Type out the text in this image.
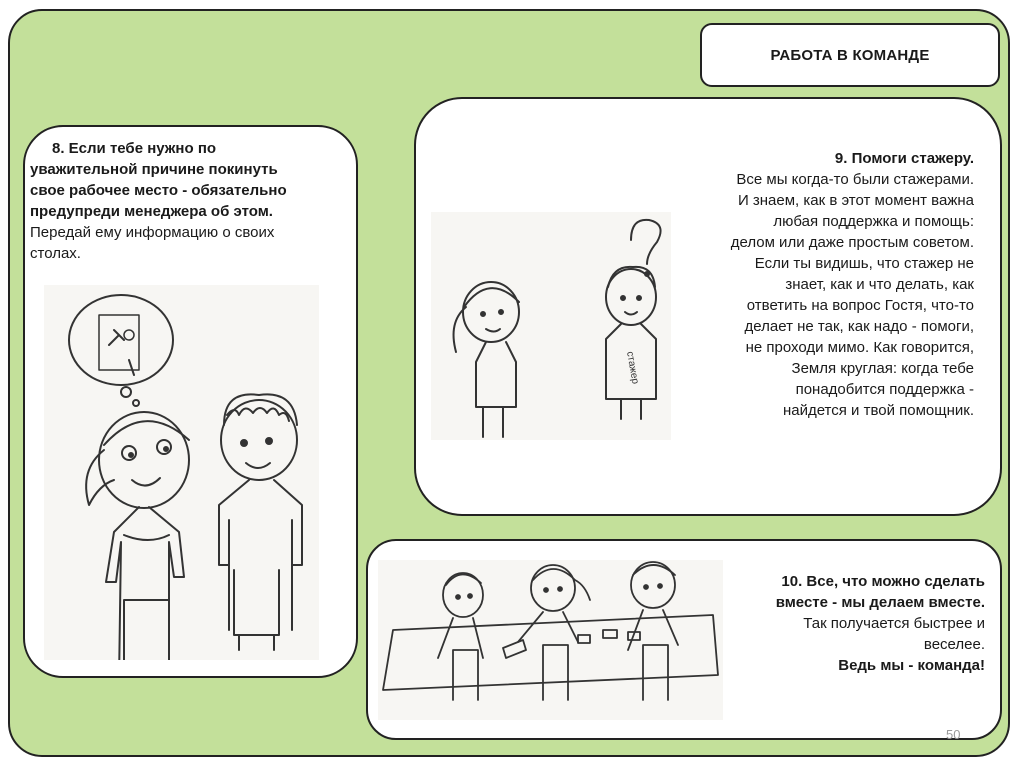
РАБОТА В КОМАНДЕ
8. Если тебе нужно по
уважительной причине покинуть
свое рабочее место - обязательно
предупреди менеджера об этом.
Передай ему информацию о своих
столах.
9. Помоги стажеру.
Все мы когда-то были стажерами.
И знаем, как в этот момент важна
любая поддержка и помощь:
делом или даже простым советом.
Если ты видишь, что стажер не
знает, как и что делать, как
ответить на вопрос Гостя, что-то
делает не так, как надо - помоги,
не проходи мимо. Как говорится,
Земля круглая: когда тебе
понадобится поддержка -
найдется и твой помощник.
10. Все, что можно сделать
вместе - мы делаем вместе.
Так получается быстрее и
веселее.
Ведь мы - команда!
50
стажер
